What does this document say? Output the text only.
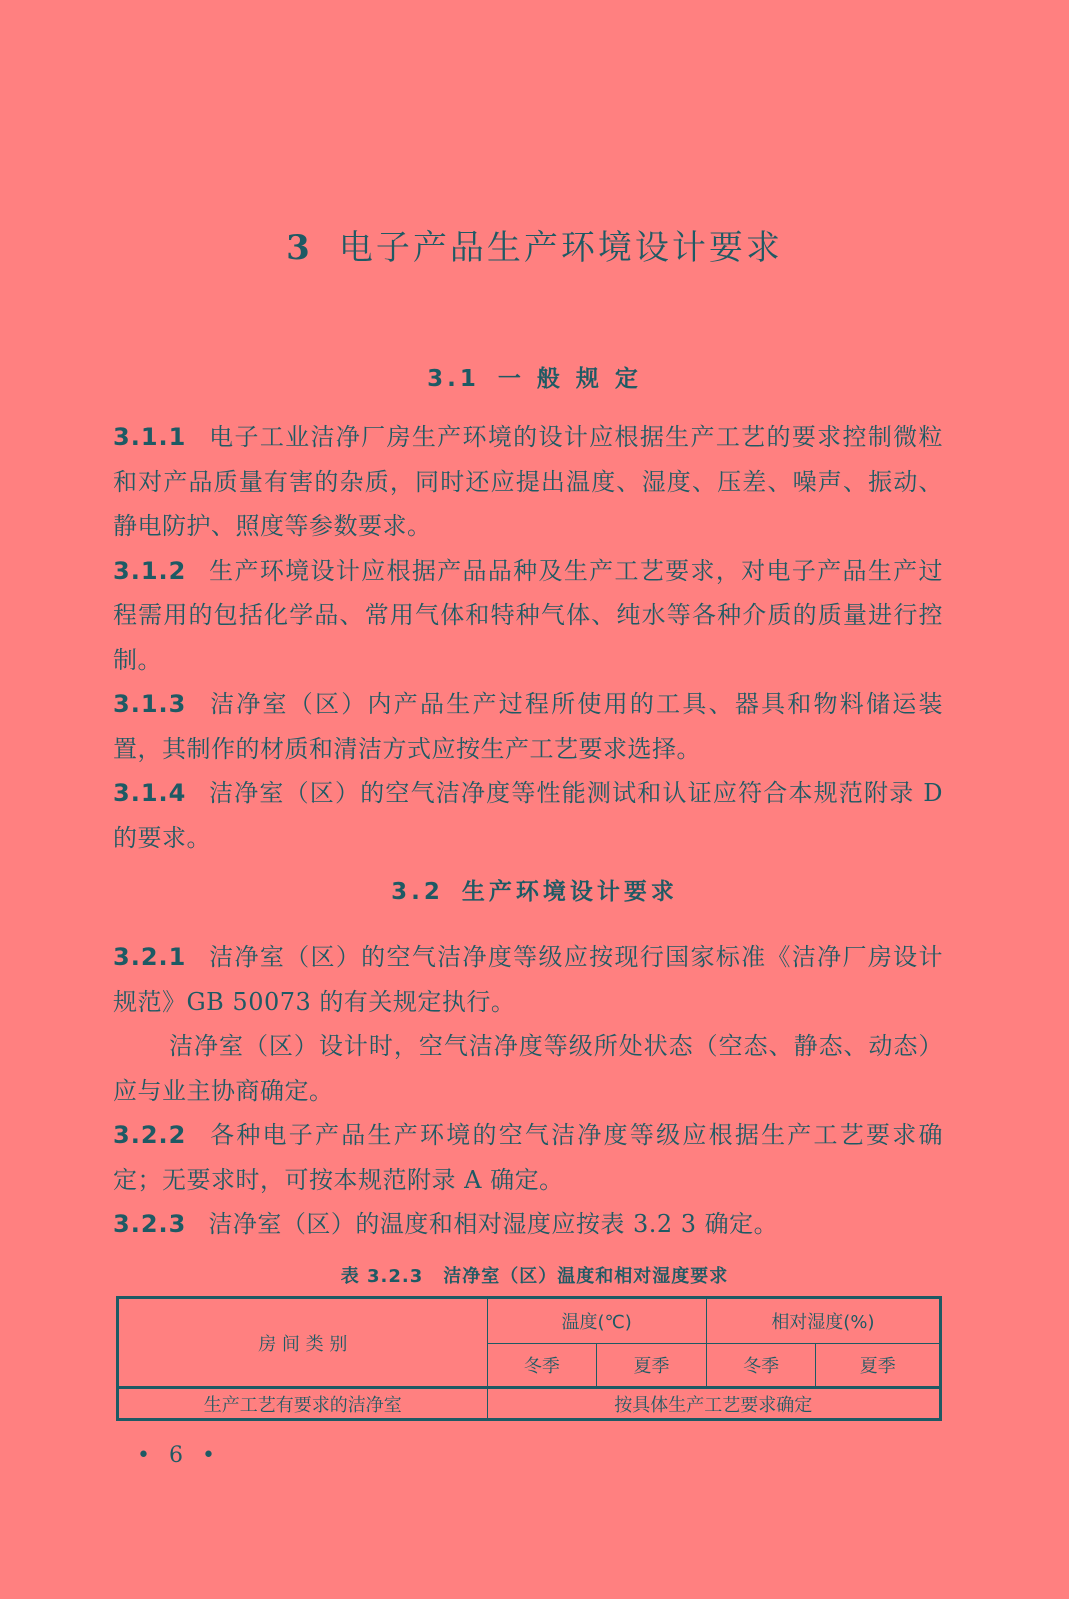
3 电子产品生产环境设计要求
3.1 一 般 规 定

3.1.1 电子工业洁净厂房生产环境的设计应根据生产工艺的要求控制微粒和对产品质量有害的杂质，同时还应提出温度、湿度、压差、噪声、振动、静电防护、照度等参数要求。

3.1.2 生产环境设计应根据产品品种及生产工艺要求，对电子产品生产过程需用的包括化学品、常用气体和特种气体、纯水等各种介质的质量进行控制。

3.1.3 洁净室（区）内产品生产过程所使用的工具、器具和物料储运装置，其制作的材质和清洁方式应按生产工艺要求选择。

3.1.4 洁净室（区）的空气洁净度等性能测试和认证应符合本规范附录 D 的要求。

3.2 生产环境设计要求

3.2.1 洁净室（区）的空气洁净度等级应按现行国家标准《洁净厂房设计规范》GB 50073 的有关规定执行。

洁净室（区）设计时，空气洁净度等级所处状态（空态、静态、动态）应与业主协商确定。

3.2.2 各种电子产品生产环境的空气洁净度等级应根据生产工艺要求确定；无要求时，可按本规范附录 A 确定。

3.2.3 洁净室（区）的温度和相对湿度应按表 3.2 3 确定。

表 3.2.3 洁净室（区）温度和相对湿度要求
房 间 类 别	温度(℃)		相对湿度(%)	
	冬季	夏季	冬季	夏季
生产工艺有要求的洁净室	按具体生产工艺要求确定			
• 6 •
